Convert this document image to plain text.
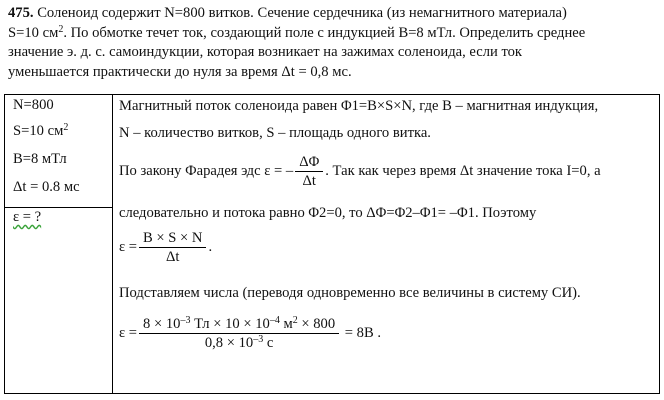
475. Соленоид содержит N=800 витков. Сечение сердечника (из немагнитного материала)
S=10 $см^2$. По обмотке течет ток, создающий поле с индукцией B=8 мТл. Определить среднее
значение э. д. с. самоиндукции, которая возникает на зажимах соленоида, если ток
уменьшается практически до нуля за время Δt = 0,8 мс.
N=800
S=10 $см^2$
B=8 мТл
Δt = 0.8 мс
ε = ?
Магнитный поток соленоида равен Φ1=B×S×N, где B – магнитная индукция,
N – количество витков, S – площадь одного витка.
По закону Фарадея эдс ε = – $\frac{\Delta\Phi}{\Delta t}$ . Так как через время Δt значение тока I=0, а
следовательно и потока равно Φ2=0, то ΔΦ=Φ2–Φ1= –Φ1. Поэтому
$\varepsilon = \frac{B \times S \times N}{\Delta t}$ .
Подставляем числа (переводя одновременно все величины в систему СИ).
$\varepsilon = \frac{8 \times 10^{-3} Тл \times 10 \times 10^{-4} м^2 \times 800}{0,8 \times 10^{-3} с} = 8B$ .
